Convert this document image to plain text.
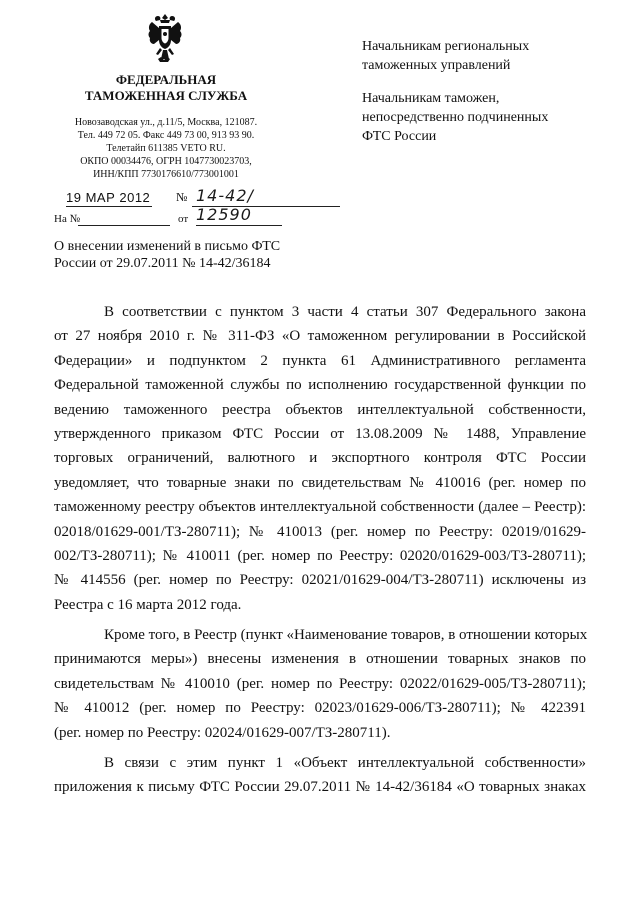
ФЕДЕРАЛЬНАЯ
ТАМОЖЕННАЯ СЛУЖБА
Новозаводская ул., д.11/5, Москва, 121087.
Тел. 449 72 05. Факс 449 73 00, 913 93 90.
Телетайп 611385 VETO RU.
ОКПО 00034476, ОГРН 1047730023703,
ИНН/КПП 7730176610/773001001
19 МАР 2012 № 14-42/ 12590
На №	от
О внесении изменений в письмо ФТС
России от 29.07.2011 № 14-42/36184
Начальникам региональных
таможенных управлений
Начальникам таможен,
непосредственно подчиненных
ФТС России

В соответствии с пунктом 3 части 4 статьи 307 Федерального закона
от 27 ноября 2010 г. № 311-ФЗ «О таможенном регулировании в Российской
Федерации» и подпунктом 2 пункта 61 Административного регламента
Федеральной таможенной службы по исполнению государственной функции по
ведению таможенного реестра объектов интеллектуальной собственности,
утвержденного приказом ФТС России от 13.08.2009 № 1488, Управление
торговых ограничений, валютного и экспортного контроля ФТС России
уведомляет, что товарные знаки по свидетельствам № 410016 (рег. номер по
таможенному реестру объектов интеллектуальной собственности (далее – Реестр):
02018/01629-001/ТЗ-280711); № 410013 (рег. номер по Реестру: 02019/01629-
002/ТЗ-280711); № 410011 (рег. номер по Реестру: 02020/01629-003/ТЗ-280711);
№ 414556 (рег. номер по Реестру: 02021/01629-004/ТЗ-280711) исключены из
Реестра с 16 марта 2012 года.

Кроме того, в Реестр (пункт «Наименование товаров, в отношении которых
принимаются меры») внесены изменения в отношении товарных знаков по
свидетельствам № 410010 (рег. номер по Реестру: 02022/01629-005/ТЗ-280711);
№ 410012 (рег. номер по Реестру: 02023/01629-006/ТЗ-280711); № 422391
(рег. номер по Реестру: 02024/01629-007/ТЗ-280711).

В связи с этим пункт 1 «Объект интеллектуальной собственности»
приложения к письму ФТС России 29.07.2011 № 14-42/36184 «О товарных знаках
